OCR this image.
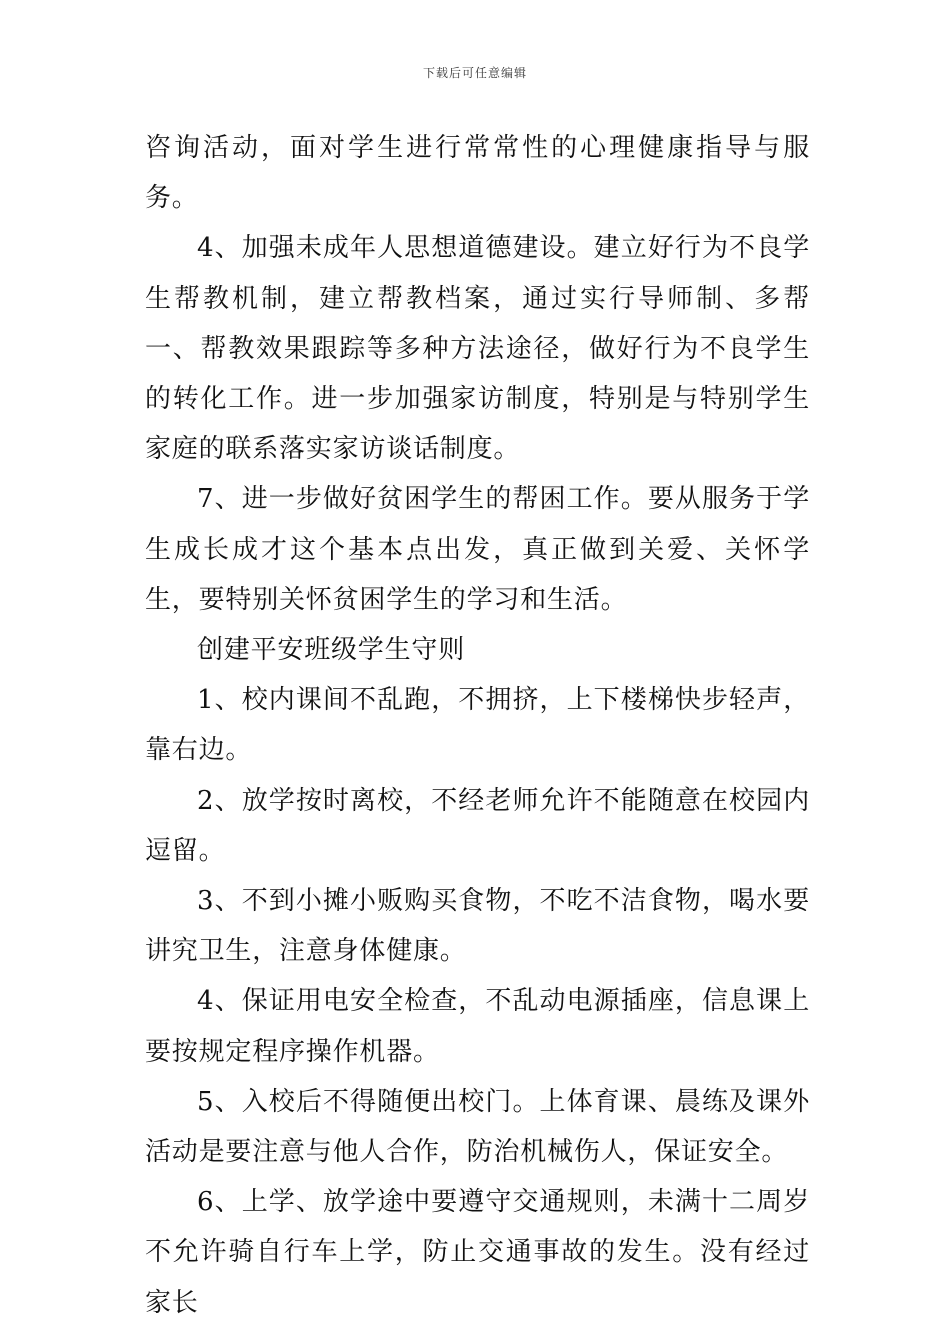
下载后可任意编辑

咨询活动，面对学生进行常常性的心理健康指导与服务。

4、加强未成年人思想道德建设。建立好行为不良学生帮教机制，建立帮教档案，通过实行导师制、多帮一、帮教效果跟踪等多种方法途径，做好行为不良学生的转化工作。进一步加强家访制度，特别是与特别学生家庭的联系落实家访谈话制度。

7、进一步做好贫困学生的帮困工作。要从服务于学生成长成才这个基本点出发，真正做到关爱、关怀学生，要特别关怀贫困学生的学习和生活。

创建平安班级学生守则

1、校内课间不乱跑，不拥挤，上下楼梯快步轻声，靠右边。

2、放学按时离校，不经老师允许不能随意在校园内逗留。

3、不到小摊小贩购买食物，不吃不洁食物，喝水要讲究卫生，注意身体健康。

4、保证用电安全检查，不乱动电源插座，信息课上要按规定程序操作机器。

5、入校后不得随便出校门。上体育课、晨练及课外活动是要注意与他人合作，防治机械伤人，保证安全。

6、上学、放学途中要遵守交通规则，未满十二周岁不允许骑自行车上学，防止交通事故的发生。没有经过家长
